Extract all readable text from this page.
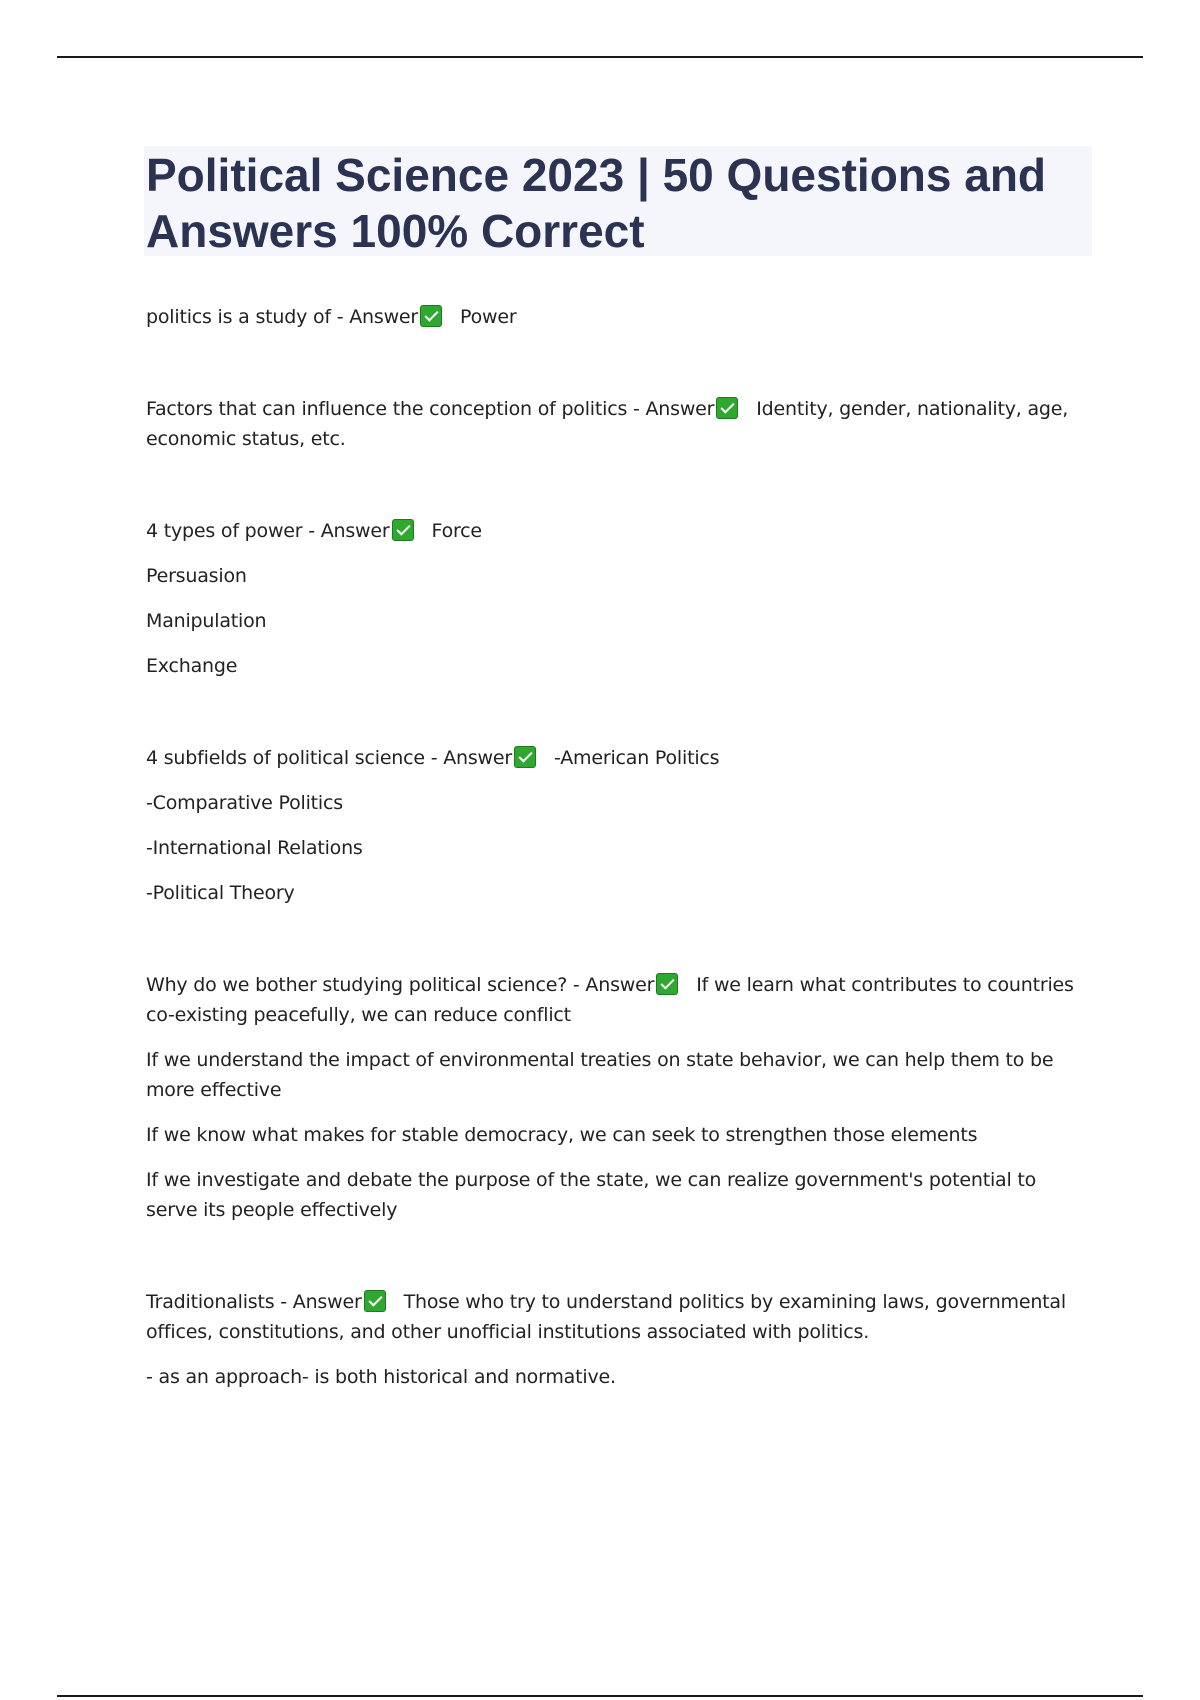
Political Science 2023 | 50 Questions and Answers 100% Correct

politics is a study of - Answer Power

Factors that can influence the conception of politics - Answer Identity, gender, nationality, age, economic status, etc.

4 types of power - Answer Force

Persuasion

Manipulation

Exchange

4 subfields of political science - Answer -American Politics

-Comparative Politics

-International Relations

-Political Theory

Why do we bother studying political science? - Answer If we learn what contributes to countries co-existing peacefully, we can reduce conflict

If we understand the impact of environmental treaties on state behavior, we can help them to be more effective

If we know what makes for stable democracy, we can seek to strengthen those elements

If we investigate and debate the purpose of the state, we can realize government's potential to serve its people effectively

Traditionalists - Answer Those who try to understand politics by examining laws, governmental offices, constitutions, and other unofficial institutions associated with politics.

- as an approach- is both historical and normative.
